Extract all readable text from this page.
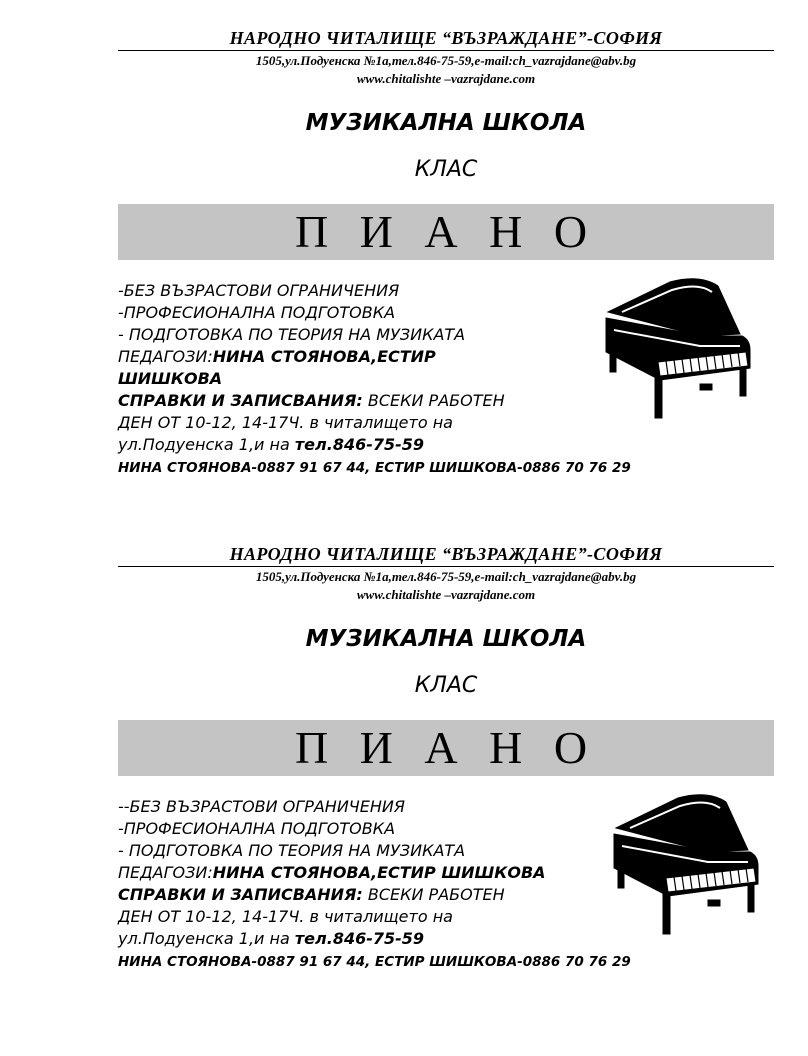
НАРОДНО ЧИТАЛИЩЕ “ВЪЗРАЖДАНЕ”-СОФИЯ

1505,ул.Подуенска №1а,тел.846-75-59,e-mail:ch_vazrajdane@abv.bg

www.chitalishte –vazrajdane.com

МУЗИКАЛНА ШКОЛА

КЛАС

П И А Н О
-БЕЗ ВЪЗРАСТОВИ ОГРАНИЧЕНИЯ
-ПРОФЕСИОНАЛНА ПОДГОТОВКА
- ПОДГОТОВКА ПО ТЕОРИЯ НА МУЗИКАТА
ПЕДАГОЗИ:НИНА СТОЯНОВА,ЕСТИР
ШИШКОВА
СПРАВКИ И ЗАПИСВАНИЯ: ВСЕКИ РАБОТЕН
ДЕН ОТ 10-12, 14-17Ч. в читалището на
ул.Подуенска 1,и на тел.846-75-59
НИНА СТОЯНОВА-0887 91 67 44, ЕСТИР ШИШКОВА-0886 70 76 29

НАРОДНО ЧИТАЛИЩЕ “ВЪЗРАЖДАНЕ”-СОФИЯ

1505,ул.Подуенска №1а,тел.846-75-59,e-mail:ch_vazrajdane@abv.bg

www.chitalishte –vazrajdane.com

МУЗИКАЛНА ШКОЛА

КЛАС

П И А Н О
--БЕЗ ВЪЗРАСТОВИ ОГРАНИЧЕНИЯ
-ПРОФЕСИОНАЛНА ПОДГОТОВКА
- ПОДГОТОВКА ПО ТЕОРИЯ НА МУЗИКАТА
ПЕДАГОЗИ:НИНА СТОЯНОВА,ЕСТИР ШИШКОВА
СПРАВКИ И ЗАПИСВАНИЯ: ВСЕКИ РАБОТЕН
ДЕН ОТ 10-12, 14-17Ч. в читалището на
ул.Подуенска 1,и на тел.846-75-59
НИНА СТОЯНОВА-0887 91 67 44, ЕСТИР ШИШКОВА-0886 70 76 29
